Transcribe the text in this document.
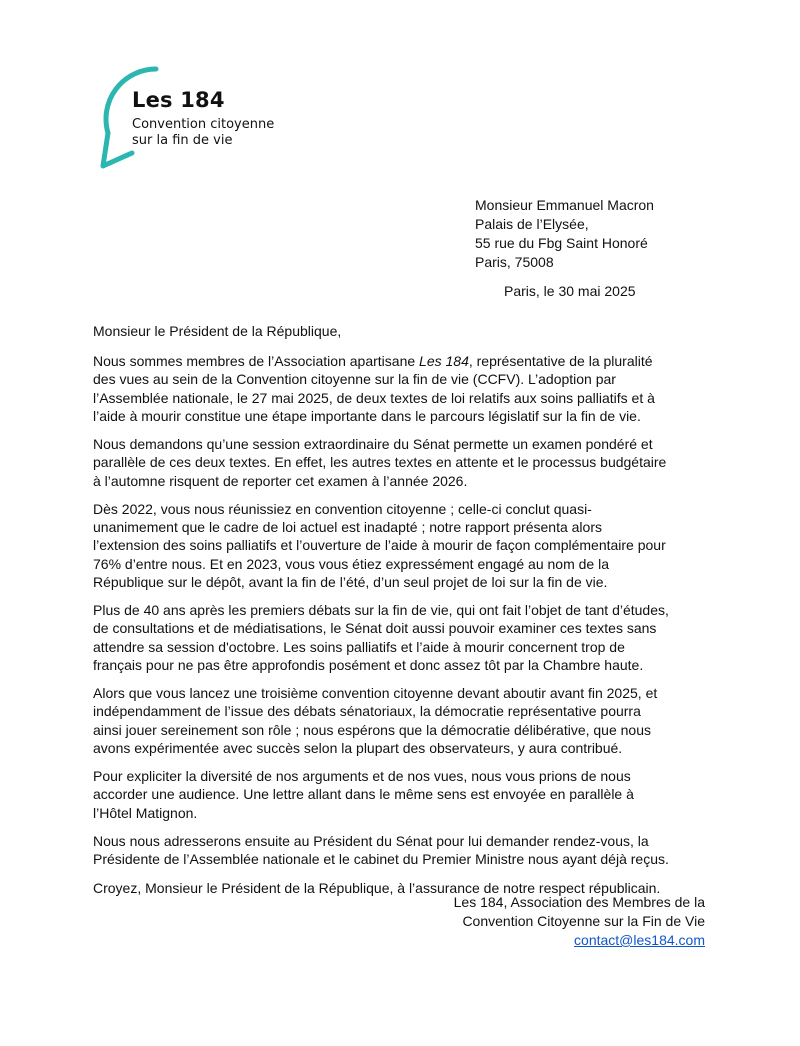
Les 184
Convention citoyenne
sur la fin de vie
Monsieur Emmanuel Macron
Palais de l’Elysée,
55 rue du Fbg Saint Honoré
Paris, 75008
Paris, le 30 mai 2025

Monsieur le Président de la République,

Nous sommes membres de l’Association apartisane Les 184, représentative de la pluralité
des vues au sein de la Convention citoyenne sur la fin de vie (CCFV). L’adoption par
l’Assemblée nationale, le 27 mai 2025, de deux textes de loi relatifs aux soins palliatifs et à
l’aide à mourir constitue une étape importante dans le parcours législatif sur la fin de vie.

Nous demandons qu’une session extraordinaire du Sénat permette un examen pondéré et
parallèle de ces deux textes. En effet, les autres textes en attente et le processus budgétaire
à l’automne risquent de reporter cet examen à l’année 2026.

Dès 2022, vous nous réunissiez en convention citoyenne ; celle-ci conclut quasi-
unanimement que le cadre de loi actuel est inadapté ; notre rapport présenta alors
l’extension des soins palliatifs et l’ouverture de l’aide à mourir de façon complémentaire pour
76% d’entre nous. Et en 2023, vous vous étiez expressément engagé au nom de la
République sur le dépôt, avant la fin de l’été, d’un seul projet de loi sur la fin de vie.

Plus de 40 ans après les premiers débats sur la fin de vie, qui ont fait l’objet de tant d’études,
de consultations et de médiatisations, le Sénat doit aussi pouvoir examiner ces textes sans
attendre sa session d'octobre. Les soins palliatifs et l’aide à mourir concernent trop de
français pour ne pas être approfondis posément et donc assez tôt par la Chambre haute.

Alors que vous lancez une troisième convention citoyenne devant aboutir avant fin 2025, et
indépendamment de l’issue des débats sénatoriaux, la démocratie représentative pourra
ainsi jouer sereinement son rôle ; nous espérons que la démocratie délibérative, que nous
avons expérimentée avec succès selon la plupart des observateurs, y aura contribué.

Pour expliciter la diversité de nos arguments et de nos vues, nous vous prions de nous
accorder une audience. Une lettre allant dans le même sens est envoyée en parallèle à
l’Hôtel Matignon.

Nous nous adresserons ensuite au Président du Sénat pour lui demander rendez-vous, la
Présidente de l’Assemblée nationale et le cabinet du Premier Ministre nous ayant déjà reçus.

Croyez, Monsieur le Président de la République, à l’assurance de notre respect républicain.

Les 184, Association des Membres de la
Convention Citoyenne sur la Fin de Vie
contact@les184.com
